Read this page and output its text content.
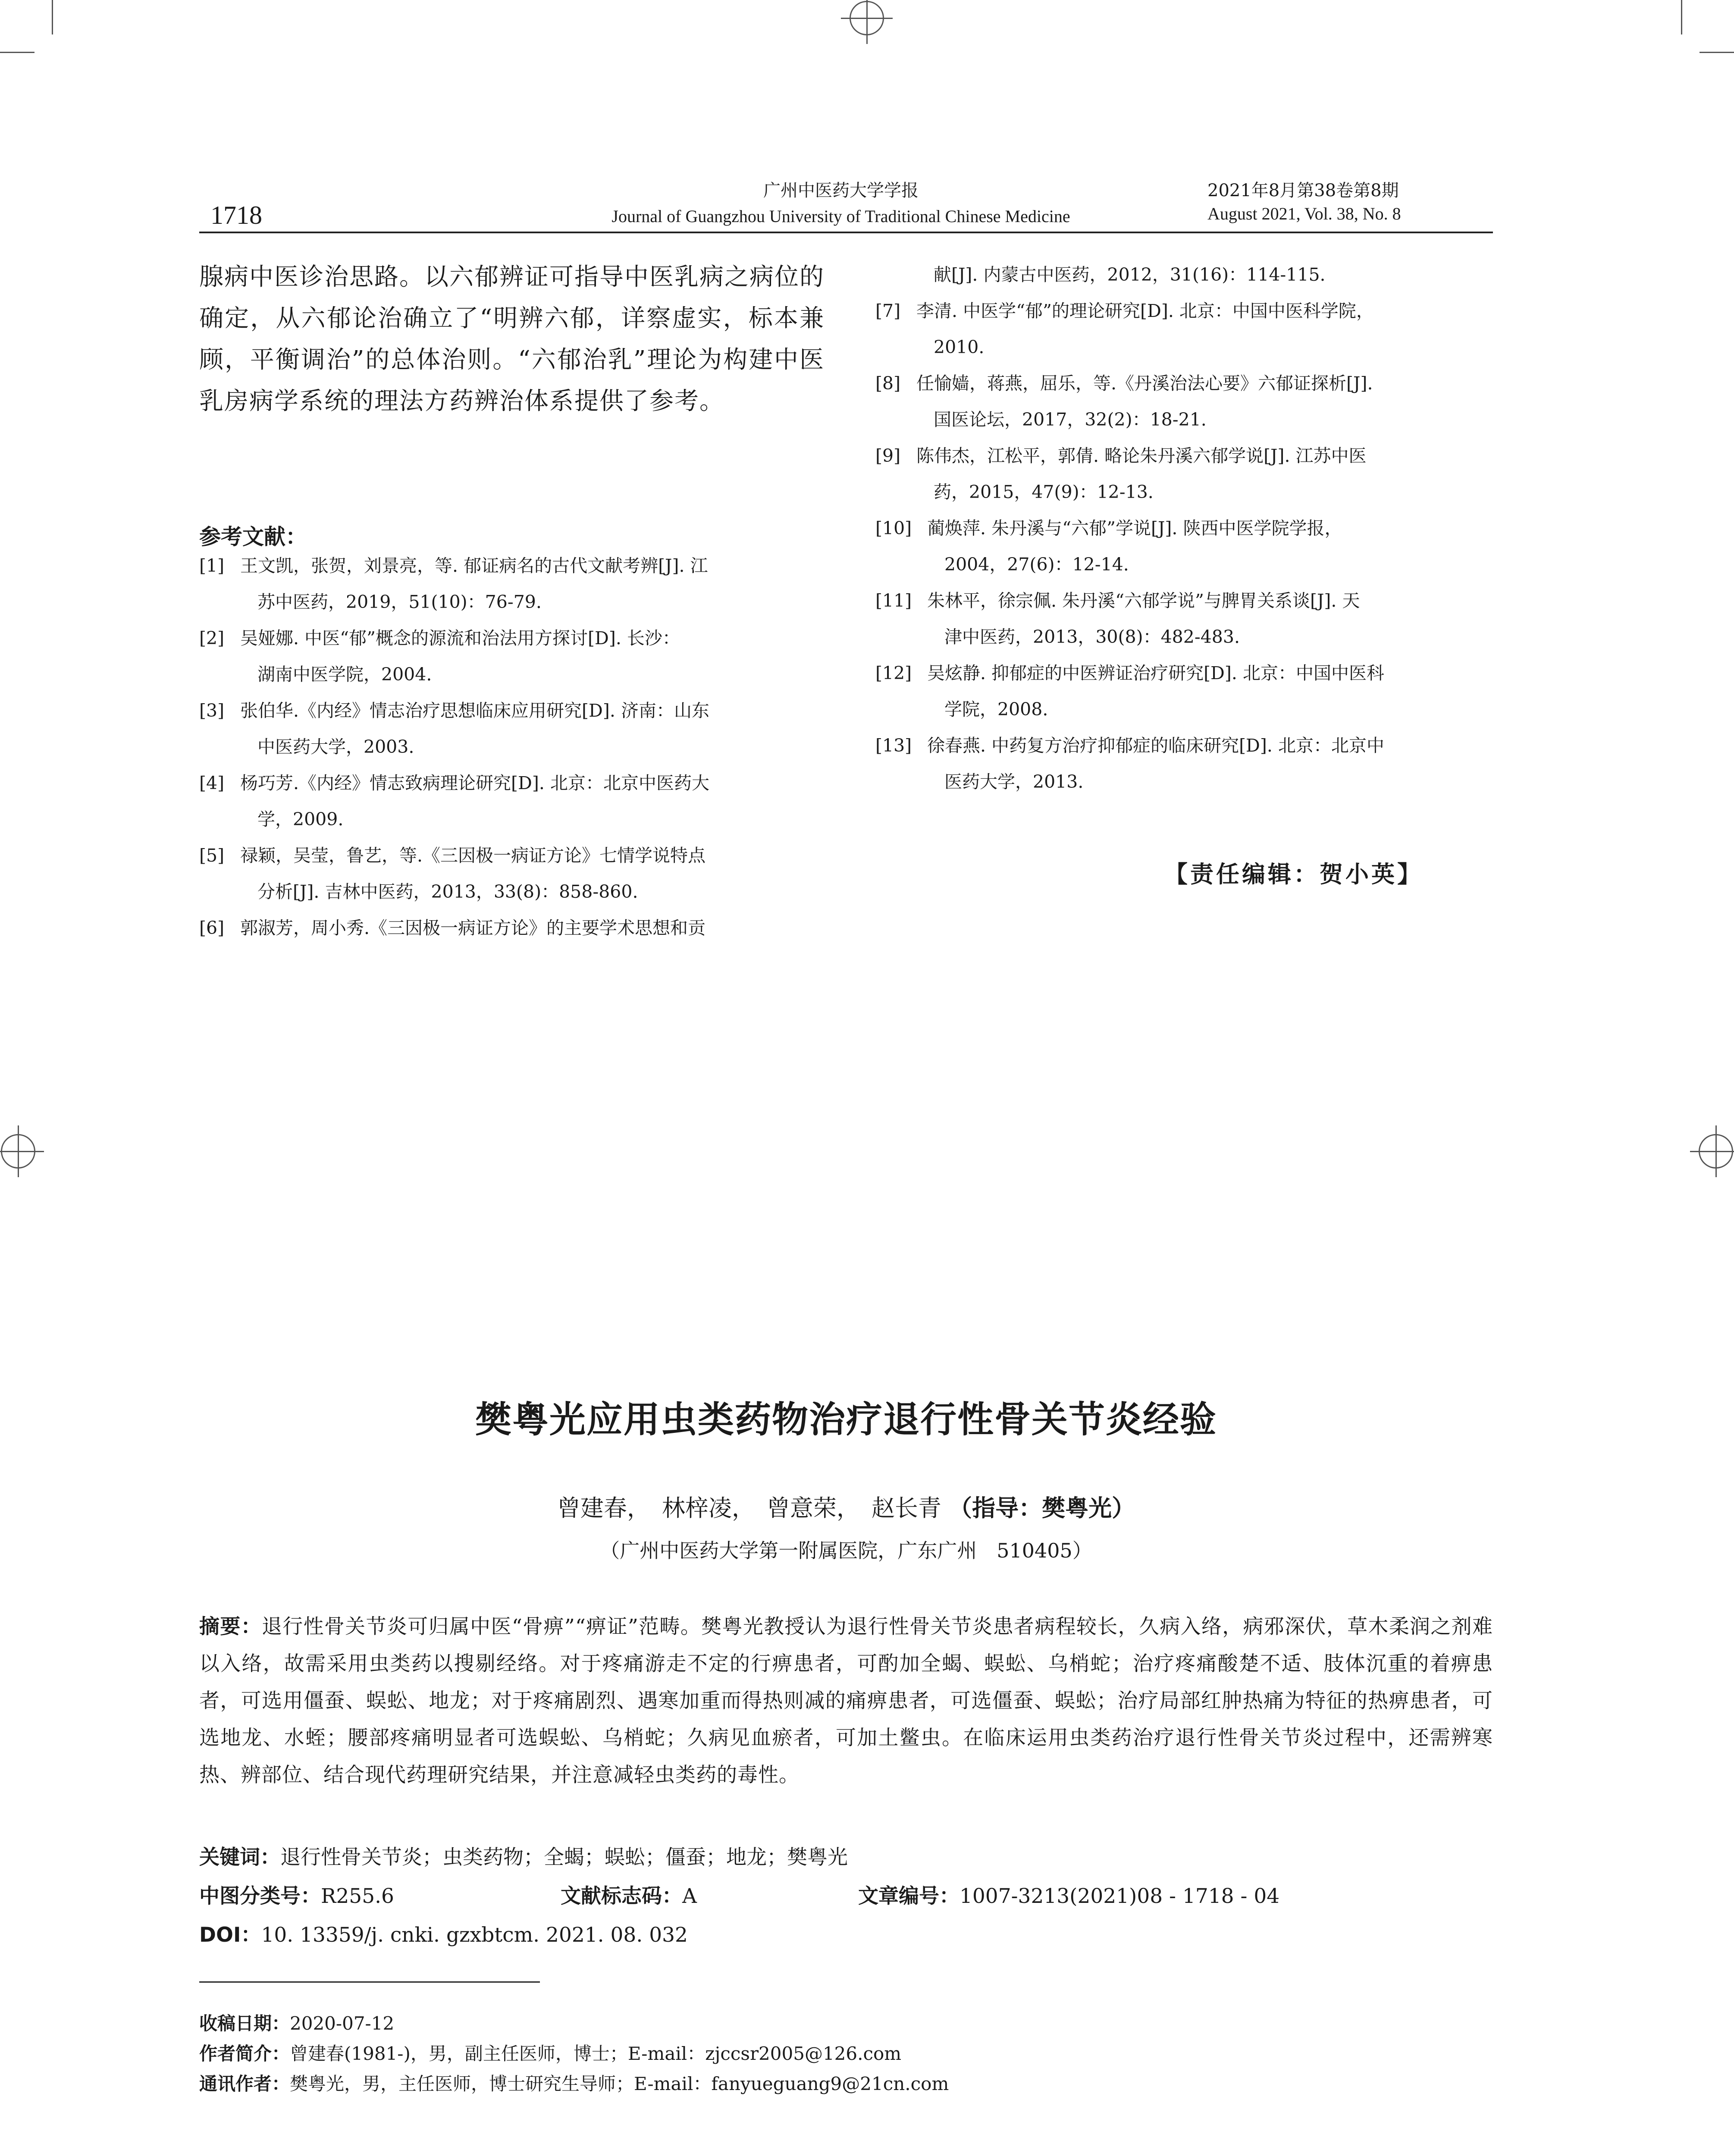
1718
广州中医药大学学报
Journal of Guangzhou University of Traditional Chinese Medicine
2021年8月第38卷第8期
August 2021, Vol. 38, No. 8
腺病中医诊治思路。以六郁辨证可指导中医乳病之病位的确定，从六郁论治确立了“明辨六郁，详察虚实，标本兼顾，平衡调治”的总体治则。“六郁治乳”理论为构建中医乳房病学系统的理法方药辨治体系提供了参考。
参考文献：
[1] 王文凯，张贺，刘景亮，等. 郁证病名的古代文献考辨[J]. 江
苏中医药，2019，51(10)：76-79.
[2] 吴娅娜. 中医“郁”概念的源流和治法用方探讨[D]. 长沙：
湖南中医学院，2004.
[3] 张伯华.《内经》情志治疗思想临床应用研究[D]. 济南：山东
中医药大学，2003.
[4] 杨巧芳.《内经》情志致病理论研究[D]. 北京：北京中医药大
学，2009.
[5] 禄颖，吴莹，鲁艺，等.《三因极一病证方论》七情学说特点
分析[J]. 吉林中医药，2013，33(8)：858-860.
[6] 郭淑芳，周小秀.《三因极一病证方论》的主要学术思想和贡
献[J]. 内蒙古中医药，2012，31(16)：114-115.
[7] 李清. 中医学“郁”的理论研究[D]. 北京：中国中医科学院，
2010.
[8] 任愉嫱，蒋燕，屈乐，等.《丹溪治法心要》六郁证探析[J].
国医论坛，2017，32(2)：18-21.
[9] 陈伟杰，江松平，郭倩. 略论朱丹溪六郁学说[J]. 江苏中医
药，2015，47(9)：12-13.
[10] 蔺焕萍. 朱丹溪与“六郁”学说[J]. 陕西中医学院学报，
2004，27(6)：12-14.
[11] 朱林平，徐宗佩. 朱丹溪“六郁学说”与脾胃关系谈[J]. 天
津中医药，2013，30(8)：482-483.
[12] 吴炫静. 抑郁症的中医辨证治疗研究[D]. 北京：中国中医科
学院，2008.
[13] 徐春燕. 中药复方治疗抑郁症的临床研究[D]. 北京：北京中
医药大学，2013.
【责任编辑：贺小英】
樊粤光应用虫类药物治疗退行性骨关节炎经验
曾建春，　林梓凌，　曾意荣，　赵长青 （指导：樊粤光）
（广州中医药大学第一附属医院，广东广州　510405）
摘要：退行性骨关节炎可归属中医“骨痹”“痹证”范畴。樊粤光教授认为退行性骨关节炎患者病程较长，久病入络，病邪深伏，草木柔润之剂难以入络，故需采用虫类药以搜剔经络。对于疼痛游走不定的行痹患者，可酌加全蝎、蜈蚣、乌梢蛇；治疗疼痛酸楚不适、肢体沉重的着痹患者，可选用僵蚕、蜈蚣、地龙；对于疼痛剧烈、遇寒加重而得热则减的痛痹患者，可选僵蚕、蜈蚣；治疗局部红肿热痛为特征的热痹患者，可选地龙、水蛭；腰部疼痛明显者可选蜈蚣、乌梢蛇；久病见血瘀者，可加土鳖虫。在临床运用虫类药治疗退行性骨关节炎过程中，还需辨寒热、辨部位、结合现代药理研究结果，并注意减轻虫类药的毒性。
关键词：退行性骨关节炎；虫类药物；全蝎；蜈蚣；僵蚕；地龙；樊粤光
中图分类号：R255.6	文献标志码：A	文章编号：1007-3213(2021)08 - 1718 - 04
DOI：10. 13359/j. cnki. gzxbtcm. 2021. 08. 032
收稿日期：2020-07-12
作者简介：曾建春(1981-)，男，副主任医师，博士；E-mail：zjccsr2005@126.com
通讯作者：樊粤光，男，主任医师，博士研究生导师；E-mail：fanyueguang9@21cn.com
